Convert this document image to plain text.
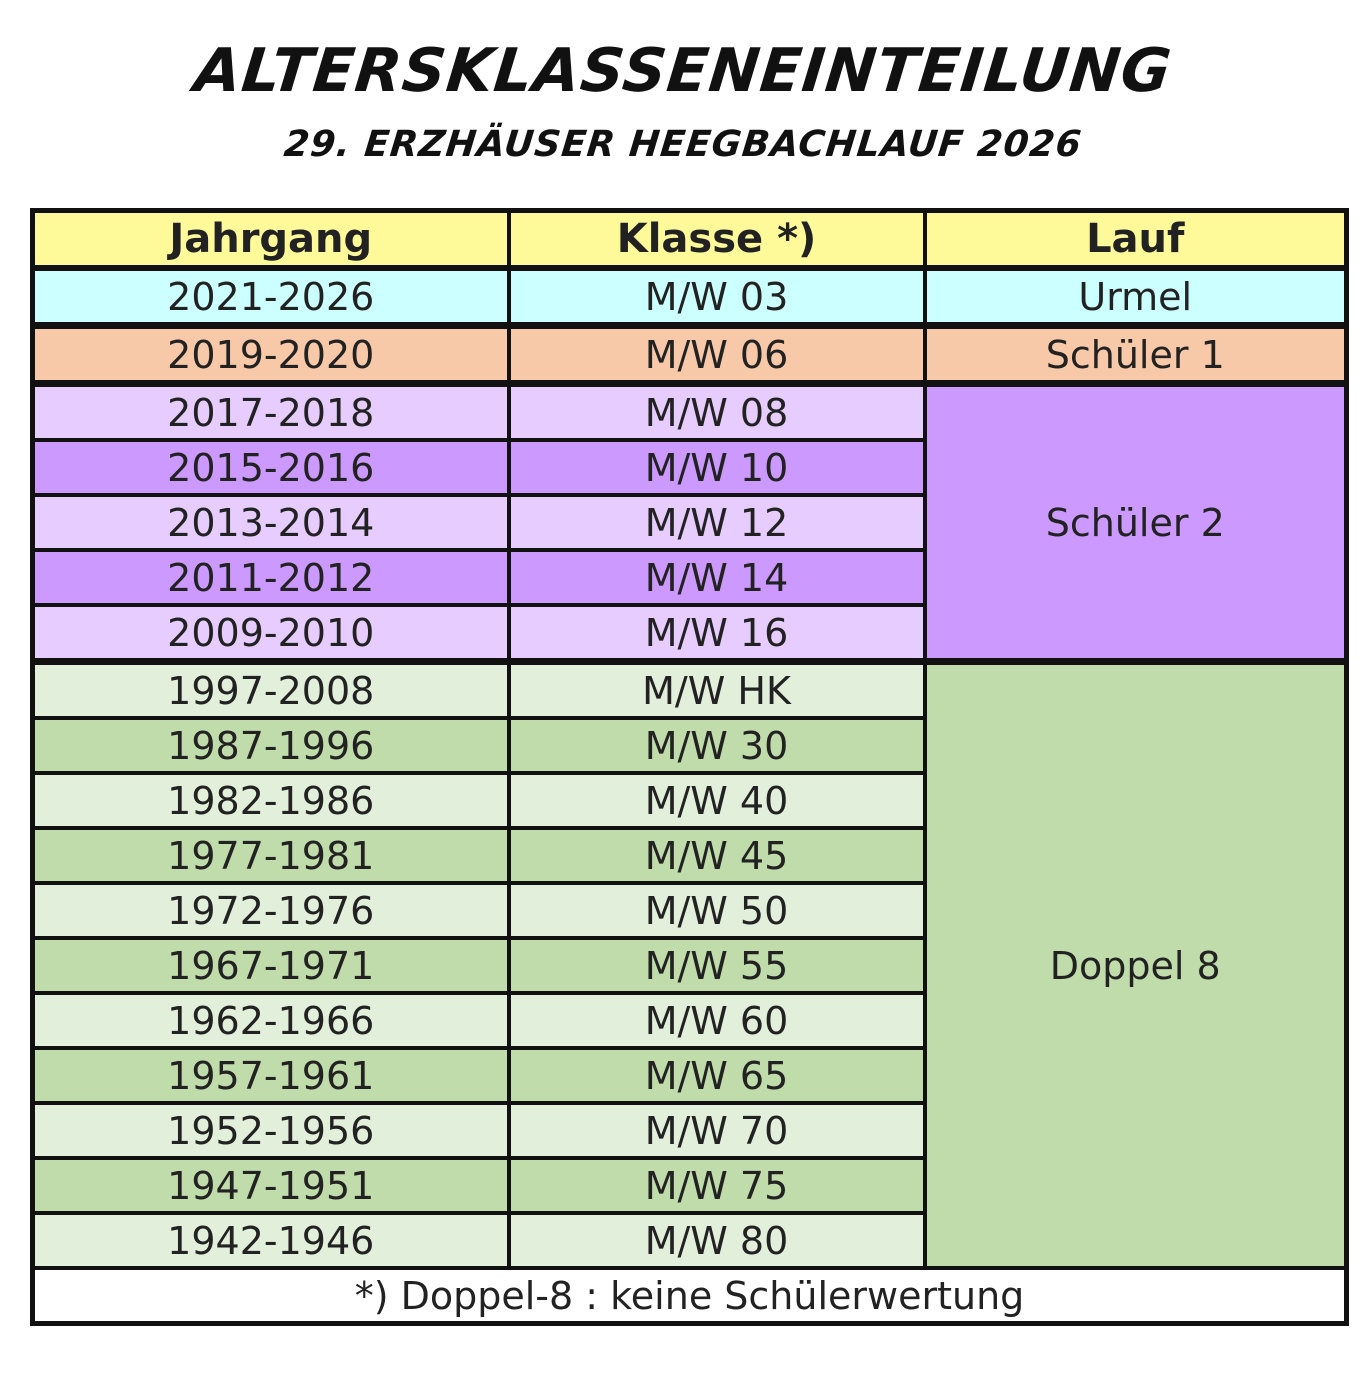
ALTERSKLASSENEINTEILUNG
29. ERZHÄUSER HEEGBACHLAUF 2026
Jahrgang	Klasse *)	Lauf
2021-2026	M/W 03	Urmel
2019-2020	M/W 06	Schüler 1
2017-2018	M/W 08	Schüler 2
2015-2016	M/W 10	
2013-2014	M/W 12	
2011-2012	M/W 14	
2009-2010	M/W 16	
1997-2008	M/W HK	Doppel 8
1987-1996	M/W 30	
1982-1986	M/W 40	
1977-1981	M/W 45	
1972-1976	M/W 50	
1967-1971	M/W 55	
1962-1966	M/W 60	
1957-1961	M/W 65	
1952-1956	M/W 70	
1947-1951	M/W 75	
1942-1946	M/W 80	
*) Doppel-8 : keine Schülerwertung		
